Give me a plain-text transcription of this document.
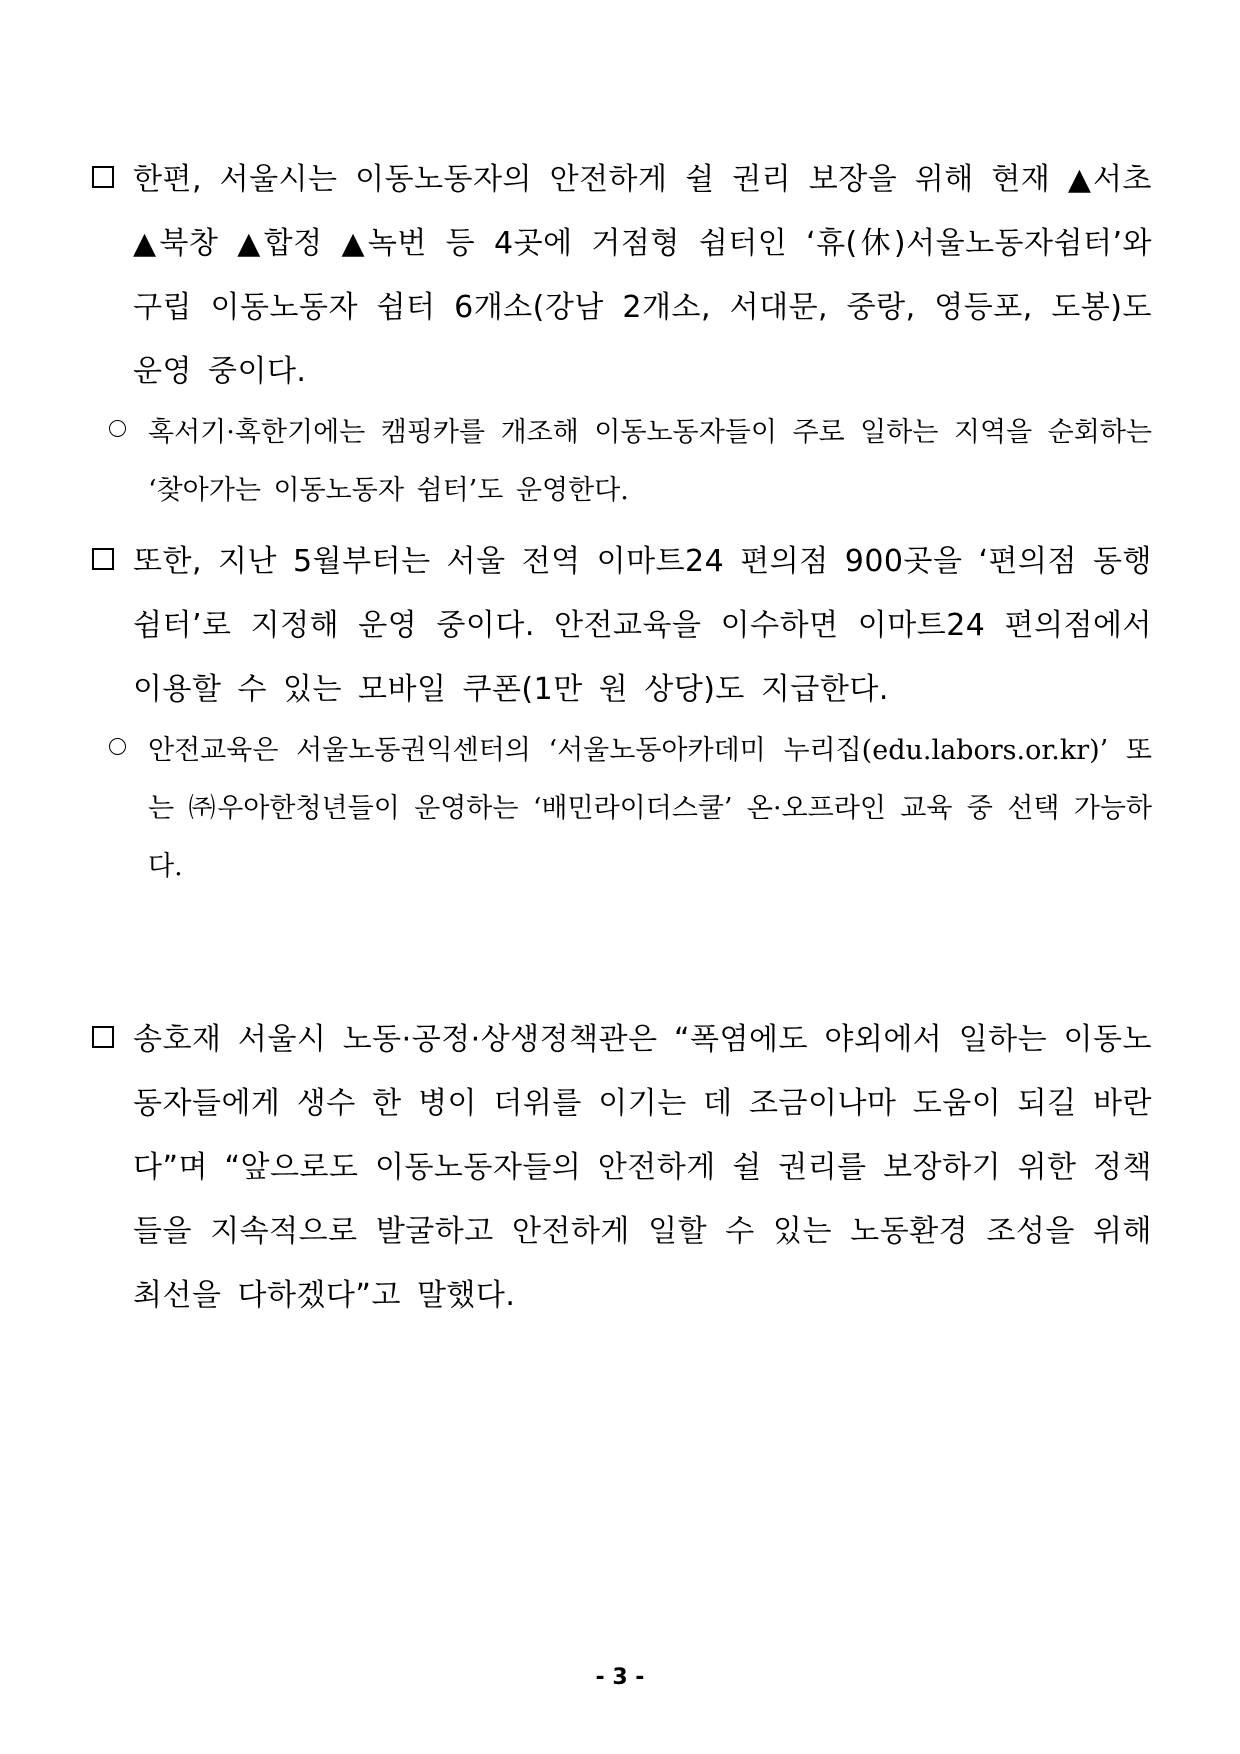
한편, 서울시는 이동노동자의 안전하게 쉴 권리 보장을 위해 현재 ▲서초 ▲북창 ▲합정 ▲녹번 등 4곳에 거점형 쉼터인 ‘휴(休)서울노동자쉼터’와 구립 이동노동자 쉼터 6개소(강남 2개소, 서대문, 중랑, 영등포, 도봉)도 운영 중이다.
혹서기·혹한기에는 캠핑카를 개조해 이동노동자들이 주로 일하는 지역을 순회하는 ‘찾아가는 이동노동자 쉼터’도 운영한다.
또한, 지난 5월부터는 서울 전역 이마트24 편의점 900곳을 ‘편의점 동행쉼터’로 지정해 운영 중이다. 안전교육을 이수하면 이마트24 편의점에서 이용할 수 있는 모바일 쿠폰(1만 원 상당)도 지급한다.
안전교육은 서울노동권익센터의 ‘서울노동아카데미 누리집(edu.labors.or.kr)’ 또는 ㈜우아한청년들이 운영하는 ‘배민라이더스쿨’ 온·오프라인 교육 중 선택 가능하다.
송호재 서울시 노동·공정·상생정책관은 “폭염에도 야외에서 일하는 이동노동자들에게 생수 한 병이 더위를 이기는 데 조금이나마 도움이 되길 바란다”며 “앞으로도 이동노동자들의 안전하게 쉴 권리를 보장하기 위한 정책들을 지속적으로 발굴하고 안전하게 일할 수 있는 노동환경 조성을 위해 최선을 다하겠다”고 말했다.
- 3 -
